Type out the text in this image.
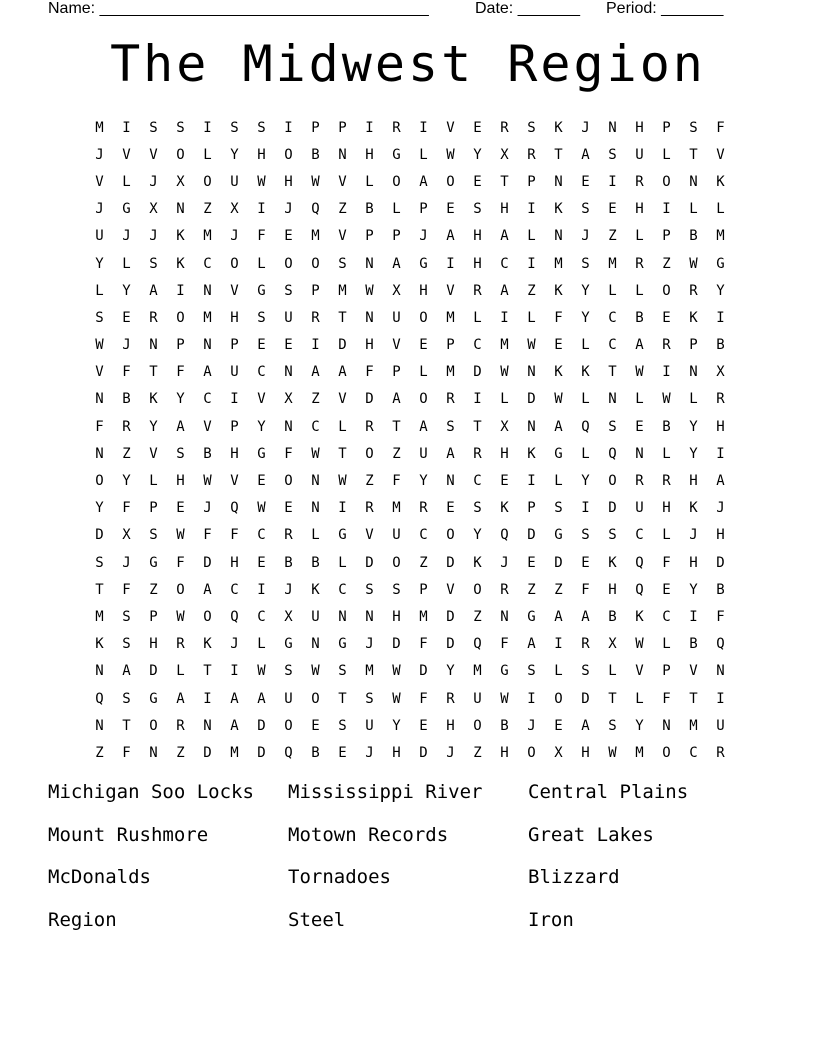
Name: _____________________________________	Date: _______ Period: _______
The Midwest Region
M	I	S	S	I	S	S	I	P	P	I	R	I	V	E	R	S	K	J	N	H	P	S	F
J	V	V	O	L	Y	H	O	B	N	H	G	L	W	Y	X	R	T	A	S	U	L	T	V
V	L	J	X	O	U	W	H	W	V	L	O	A	O	E	T	P	N	E	I	R	O	N	K
J	G	X	N	Z	X	I	J	Q	Z	B	L	P	E	S	H	I	K	S	E	H	I	L	L
U	J	J	K	M	J	F	E	M	V	P	P	J	A	H	A	L	N	J	Z	L	P	B	M
Y	L	S	K	C	O	L	O	O	S	N	A	G	I	H	C	I	M	S	M	R	Z	W	G
L	Y	A	I	N	V	G	S	P	M	W	X	H	V	R	A	Z	K	Y	L	L	O	R	Y
S	E	R	O	M	H	S	U	R	T	N	U	O	M	L	I	L	F	Y	C	B	E	K	I
W	J	N	P	N	P	E	E	I	D	H	V	E	P	C	M	W	E	L	C	A	R	P	B
V	F	T	F	A	U	C	N	A	A	F	P	L	M	D	W	N	K	K	T	W	I	N	X
N	B	K	Y	C	I	V	X	Z	V	D	A	O	R	I	L	D	W	L	N	L	W	L	R
F	R	Y	A	V	P	Y	N	C	L	R	T	A	S	T	X	N	A	Q	S	E	B	Y	H
N	Z	V	S	B	H	G	F	W	T	O	Z	U	A	R	H	K	G	L	Q	N	L	Y	I
O	Y	L	H	W	V	E	O	N	W	Z	F	Y	N	C	E	I	L	Y	O	R	R	H	A
Y	F	P	E	J	Q	W	E	N	I	R	M	R	E	S	K	P	S	I	D	U	H	K	J
D	X	S	W	F	F	C	R	L	G	V	U	C	O	Y	Q	D	G	S	S	C	L	J	H
S	J	G	F	D	H	E	B	B	L	D	O	Z	D	K	J	E	D	E	K	Q	F	H	D
T	F	Z	O	A	C	I	J	K	C	S	S	P	V	O	R	Z	Z	F	H	Q	E	Y	B
M	S	P	W	O	Q	C	X	U	N	N	H	M	D	Z	N	G	A	A	B	K	C	I	F
K	S	H	R	K	J	L	G	N	G	J	D	F	D	Q	F	A	I	R	X	W	L	B	Q
N	A	D	L	T	I	W	S	W	S	M	W	D	Y	M	G	S	L	S	L	V	P	V	N
Q	S	G	A	I	A	A	U	O	T	S	W	F	R	U	W	I	O	D	T	L	F	T	I
N	T	O	R	N	A	D	O	E	S	U	Y	E	H	O	B	J	E	A	S	Y	N	M	U
Z	F	N	Z	D	M	D	Q	B	E	J	H	D	J	Z	H	O	X	H	W	M	O	C	R
Michigan Soo Locks	Mississippi River	Central Plains
Mount Rushmore	Motown Records	Great Lakes
McDonalds	Tornadoes	Blizzard
Region	Steel	Iron
